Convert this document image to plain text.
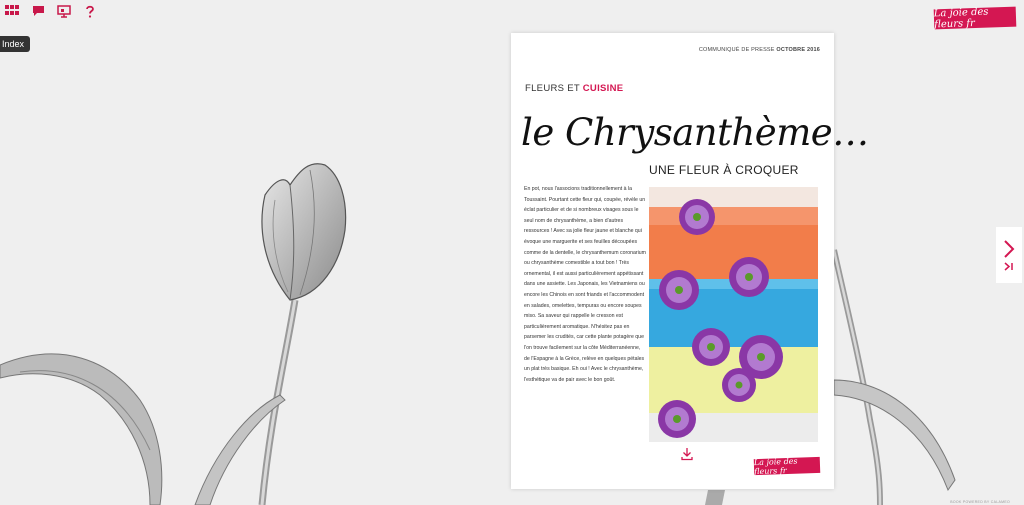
Index
La joie des fleurs fr
COMMUNIQUÉ DE PRESSE OCTOBRE 2016
FLEURS ET CUISINE
le Chrysanthème…
UNE FLEUR À CROQUER
En pot, nous l'associons traditionnellement à la Toussaint. Pourtant cette fleur qui, coupée, révèle un éclat particulier et de si nombreux visages sous le seul nom de chrysanthème, a bien d'autres ressources ! Avec sa jolie fleur jaune et blanche qui évoque une marguerite et ses feuilles découpées comme de la dentelle, le chrysanthemum coronarium ou chrysanthème comestible a tout bon ! Très ornemental, il est aussi particulièrement appétissant dans une assiette. Les Japonais, les Vietnamiens ou encore les Chinois en sont friands et l'accommodent en salades, omelettes, tempuras ou encore soupes miso. Sa saveur qui rappelle le cresson est particulièrement aromatique. N'hésitez pas en parsemer les crudités, car cette plante potagère que l'on trouve facilement sur la côte Méditerranéenne, de l'Espagne à la Grèce, relève en quelques pétales un plat très basique. Eh oui ! Avec le chrysanthème, l'esthétique va de pair avec le bon goût.
La joie des fleurs fr
BOOK POWERED BY CALAMEO
